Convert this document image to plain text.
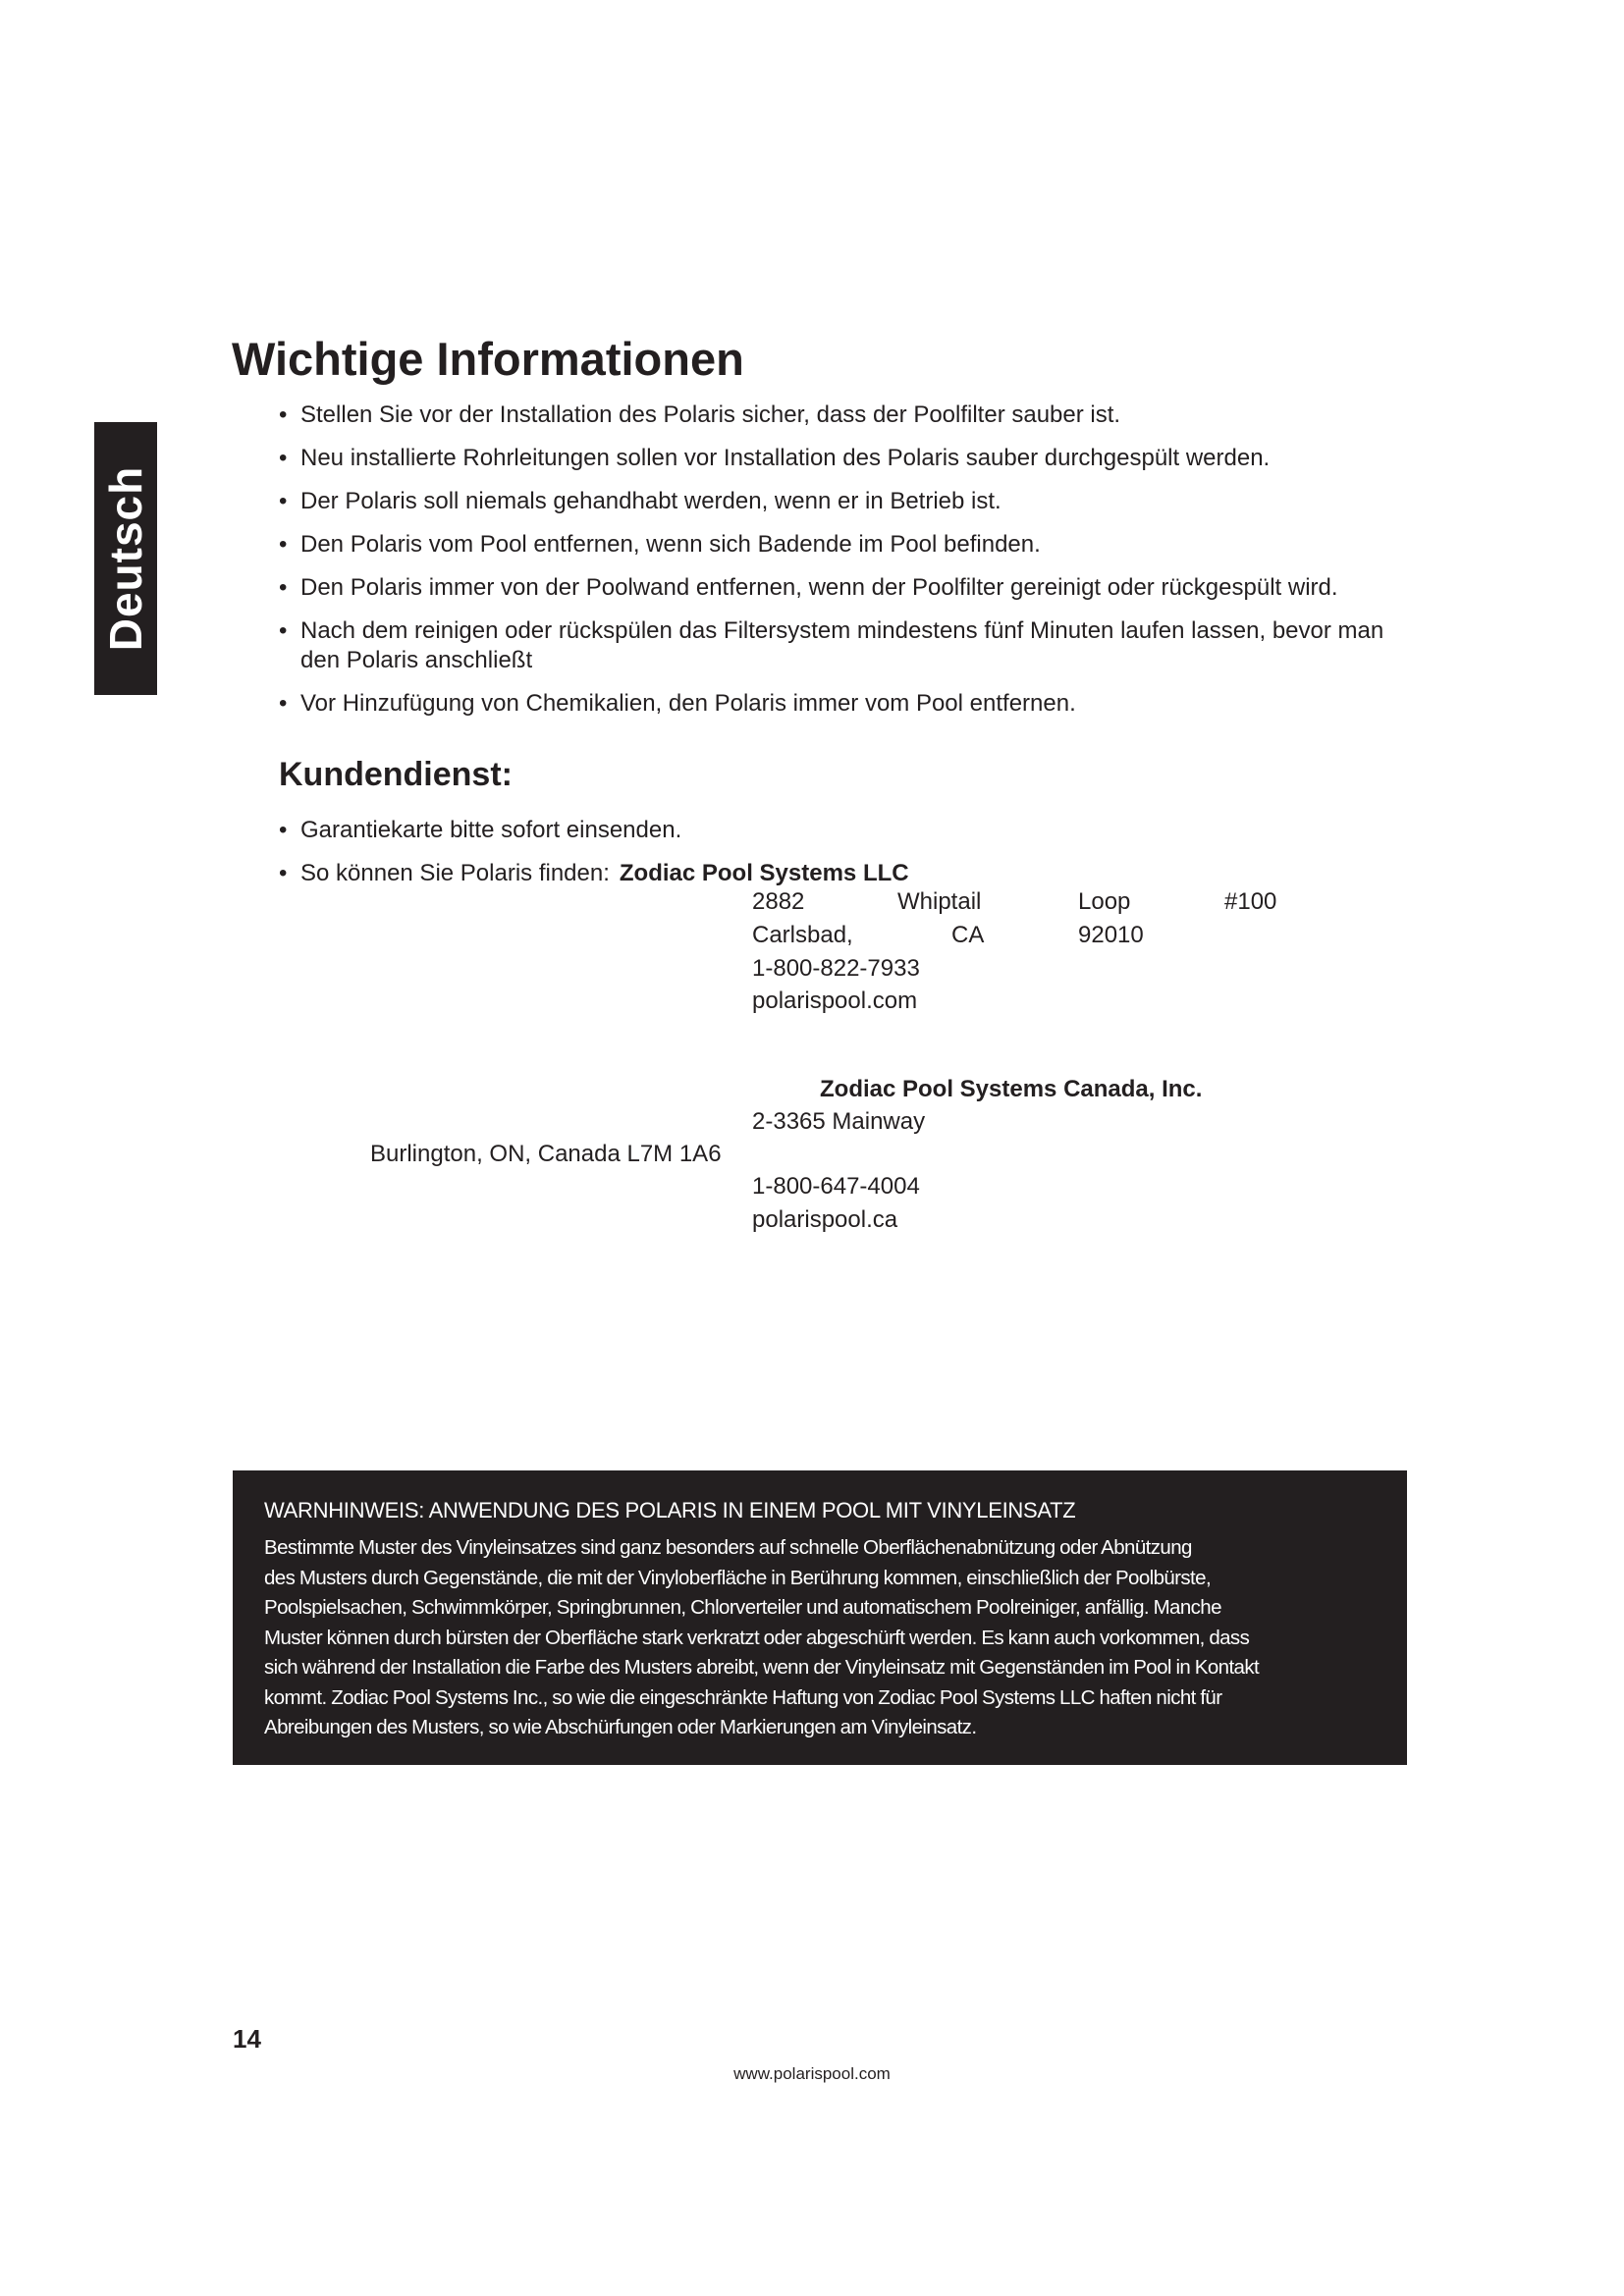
Deutsch
Wichtige Informationen
• Stellen Sie vor der Installation des Polaris sicher, dass der Poolfilter sauber ist.
• Neu installierte Rohrleitungen sollen vor Installation des Polaris sauber durchgespült werden.
• Der Polaris soll niemals gehandhabt werden, wenn er in Betrieb ist.
• Den Polaris vom Pool entfernen, wenn sich Badende im Pool befinden.
• Den Polaris immer von der Poolwand entfernen, wenn der Poolfilter gereinigt oder rückgespült wird.
• Nach dem reinigen oder rückspülen das Filtersystem mindestens fünf Minuten laufen lassen, bevor man den Polaris anschließt
• Vor Hinzufügung von Chemikalien, den Polaris immer vom Pool entfernen.
Kundendienst:
• Garantiekarte bitte sofort einsenden.
• So können Sie Polaris finden: Zodiac Pool Systems LLC
2882	Whiptail	Loop	#100
Carlsbad,	CA	92010
1-800-822-7933
polarispool.com
Zodiac Pool Systems Canada, Inc.
2-3365 Mainway
Burlington, ON, Canada L7M 1A6
1-800-647-4004
polarispool.ca

WARNHINWEIS: ANWENDUNG DES POLARIS IN EINEM POOL MIT VINYLEINSATZ

Bestimmte Muster des Vinyleinsatzes sind ganz besonders auf schnelle Oberflächenabnützung oder Abnützung
des Musters durch Gegenstände, die mit der Vinyloberfläche in Berührung kommen, einschließlich der Poolbürste,
Poolspielsachen, Schwimmkörper, Springbrunnen, Chlorverteiler und automatischem Poolreiniger, anfällig. Manche
Muster können durch bürsten der Oberfläche stark verkratzt oder abgeschürft werden. Es kann auch vorkommen, dass
sich während der Installation die Farbe des Musters abreibt, wenn der Vinyleinsatz mit Gegenständen im Pool in Kontakt
kommt. Zodiac Pool Systems Inc., so wie die eingeschränkte Haftung von Zodiac Pool Systems LLC haften nicht für
Abreibungen des Musters, so wie Abschürfungen oder Markierungen am Vinyleinsatz.

14
www.polarispool.com
